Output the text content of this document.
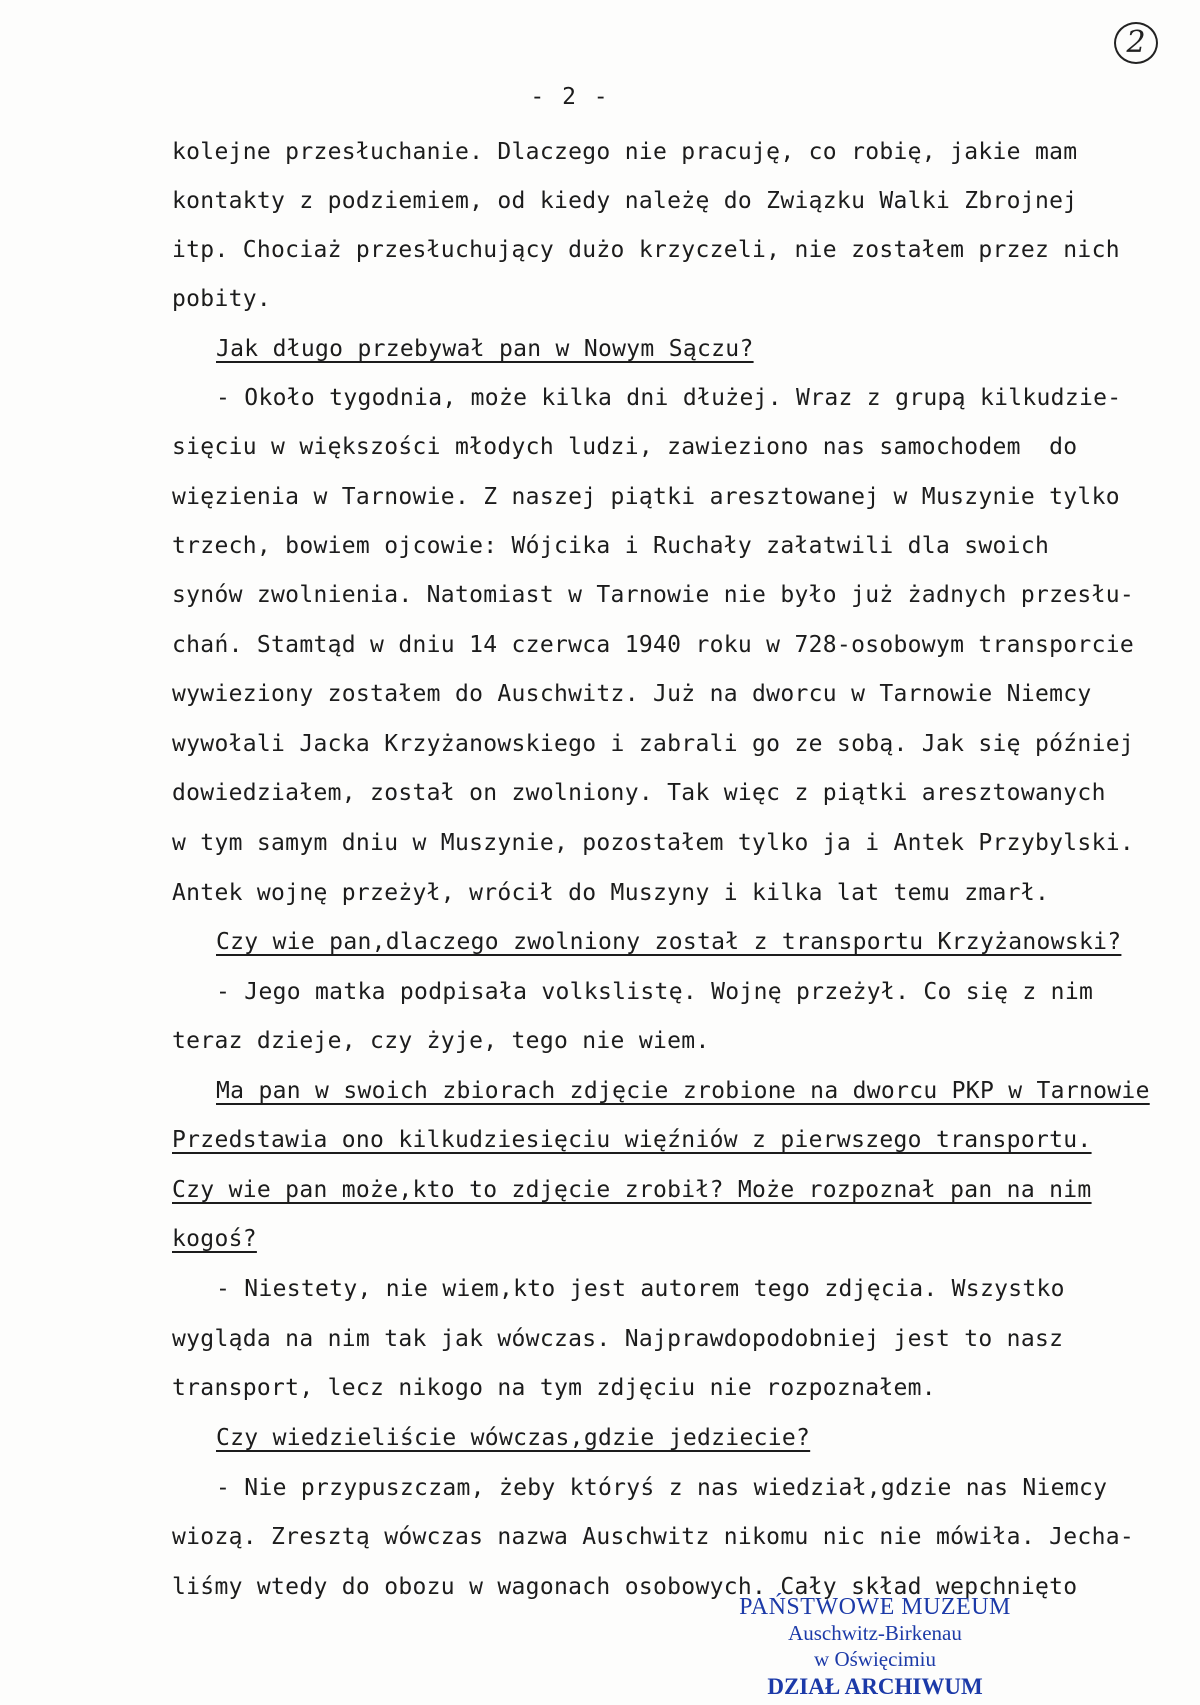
2
- 2 -
kolejne przesłuchanie. Dlaczego nie pracuję, co robię, jakie mam
kontakty z podziemiem, od kiedy należę do Związku Walki Zbrojnej
itp. Chociaż przesłuchujący dużo krzyczeli, nie zostałem przez nich
pobity.
Jak długo przebywał pan w Nowym Sączu?
- Około tygodnia, może kilka dni dłużej. Wraz z grupą kilkudzie-
sięciu w większości młodych ludzi, zawieziono nas samochodem  do
więzienia w Tarnowie. Z naszej piątki aresztowanej w Muszynie tylko
trzech, bowiem ojcowie: Wójcika i Ruchały załatwili dla swoich
synów zwolnienia. Natomiast w Tarnowie nie było już żadnych przesłu-
chań. Stamtąd w dniu 14 czerwca 1940 roku w 728-osobowym transporcie
wywieziony zostałem do Auschwitz. Już na dworcu w Tarnowie Niemcy
wywołali Jacka Krzyżanowskiego i zabrali go ze sobą. Jak się później
dowiedziałem, został on zwolniony. Tak więc z piątki aresztowanych
w tym samym dniu w Muszynie, pozostałem tylko ja i Antek Przybylski.
Antek wojnę przeżył, wrócił do Muszyny i kilka lat temu zmarł.
Czy wie pan,dlaczego zwolniony został z transportu Krzyżanowski?
- Jego matka podpisała volkslistę. Wojnę przeżył. Co się z nim
teraz dzieje, czy żyje, tego nie wiem.
Ma pan w swoich zbiorach zdjęcie zrobione na dworcu PKP w Tarnowie
Przedstawia ono kilkudziesięciu więźniów z pierwszego transportu.
Czy wie pan może,kto to zdjęcie zrobił? Może rozpoznał pan na nim
kogoś?
- Niestety, nie wiem,kto jest autorem tego zdjęcia. Wszystko
wygląda na nim tak jak wówczas. Najprawdopodobniej jest to nasz
transport, lecz nikogo na tym zdjęciu nie rozpoznałem.
Czy wiedzieliście wówczas,gdzie jedziecie?
- Nie przypuszczam, żeby któryś z nas wiedział,gdzie nas Niemcy
wiozą. Zresztą wówczas nazwa Auschwitz nikomu nic nie mówiła. Jecha-
liśmy wtedy do obozu w wagonach osobowych. Cały skład wepchnięto
PAŃSTWOWE MUZEUM
Auschwitz-Birkenau
w Oświęcimiu
DZIAŁ ARCHIWUM
